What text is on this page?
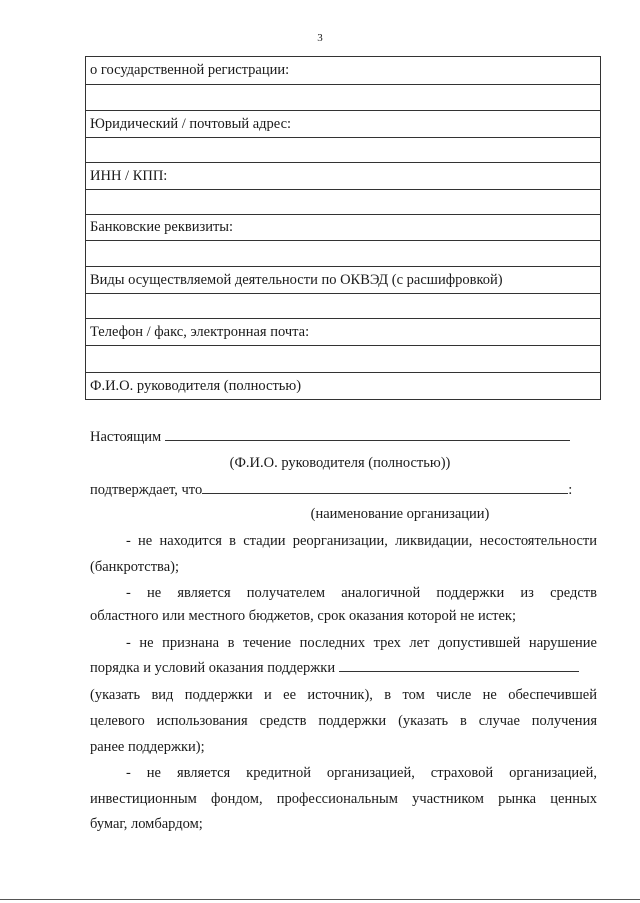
3
о государственной регистрации:

Юридический / почтовый адрес:

ИНН / КПП:

Банковские реквизиты:

Виды осуществляемой деятельности по ОКВЭД (с расшифровкой)

Телефон / факс, электронная почта:

Ф.И.О. руководителя (полностью)
Настоящим
(Ф.И.О. руководителя (полностью))
подтверждает, что	:
(наименование организации)
- не находится в стадии реорганизации, ликвидации, несостоятельности
(банкротства);
- не является получателем аналогичной поддержки из средств
областного или местного бюджетов, срок оказания которой не истек;
- не признана в течение последних трех лет допустившей нарушение
порядка и условий оказания поддержки
(указать вид поддержки и ее источник), в том числе не обеспечившей
целевого использования средств поддержки (указать в случае получения
ранее поддержки);
- не является кредитной организацией, страховой организацией,
инвестиционным фондом, профессиональным участником рынка ценных
бумаг, ломбардом;
